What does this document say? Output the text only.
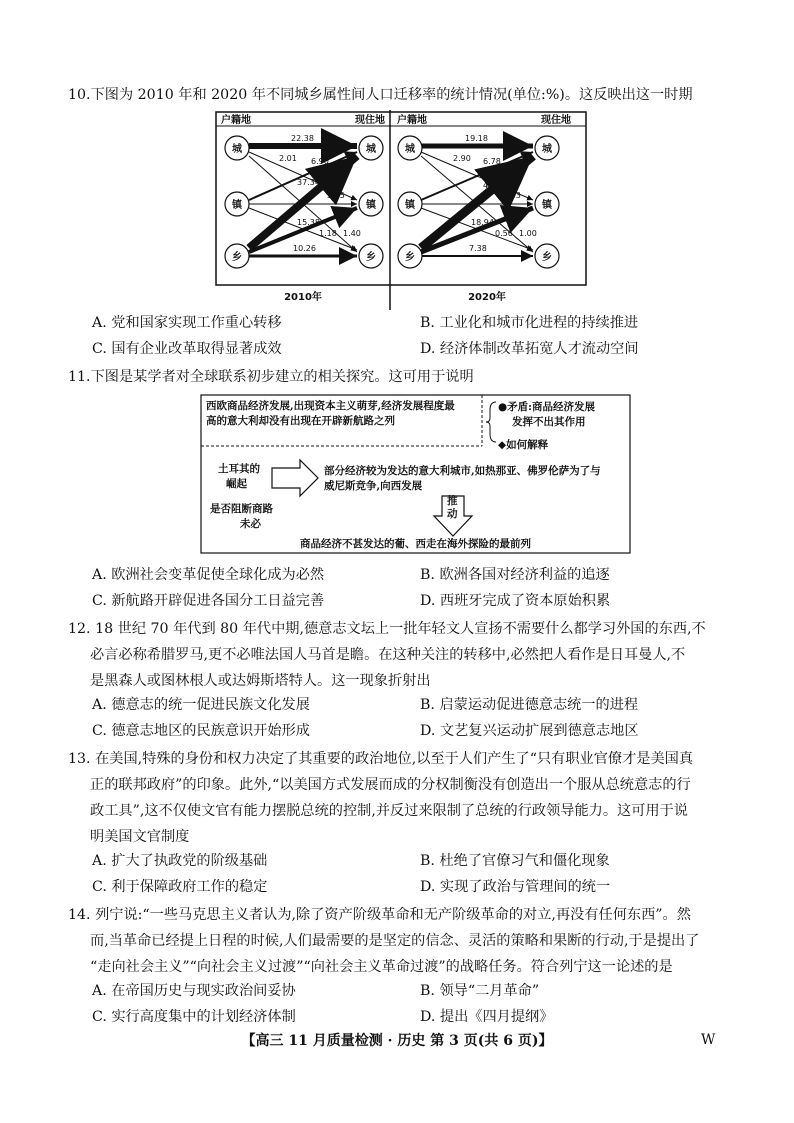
10.下图为 2010 年和 2020 年不同城乡属性间人口迁移率的统计情况(单位:%)。这反映出这一时期
户籍地	现住地 户籍地	现住地
城
镇
乡
城
镇
乡
城
镇
乡
城
镇
乡
22.38
2.01 6.90
37.34
3.15
15.38
1.18 1.40
10.26
19.18
2.90 6.78
40.63
2.63
18.94
0.56 1.00
7.38
2010年	2020年
A. 党和国家实现工作重心转移	B. 工业化和城市化进程的持续推进
C. 国有企业改革取得显著成效	D. 经济体制改革拓宽人才流动空间
11.下图是某学者对全球联系初步建立的相关探究。这可用于说明
西欧商品经济发展,出现资本主义萌芽,经济发展程度最
高的意大利却没有出现在开辟新航路之列
●矛盾:商品经济发展
发挥不出其作用
◆如何解释
土耳其的
崛起
部分经济较为发达的意大利城市,如热那亚、佛罗伦萨为了与
威尼斯竞争,向西发展
是否阻断商路
未必
推
动
商品经济不甚发达的葡、西走在海外探险的最前列
A. 欧洲社会变革促使全球化成为必然	B. 欧洲各国对经济利益的追逐
C. 新航路开辟促进各国分工日益完善	D. 西班牙完成了资本原始积累
12. 18 世纪 70 年代到 80 年代中期,德意志文坛上一批年轻文人宣扬不需要什么都学习外国的东西,不
必言必称希腊罗马,更不必唯法国人马首是瞻。在这种关注的转移中,必然把人看作是日耳曼人,不
是黑森人或图林根人或达姆斯塔特人。这一现象折射出
A. 德意志的统一促进民族文化发展	B. 启蒙运动促进德意志统一的进程
C. 德意志地区的民族意识开始形成	D. 文艺复兴运动扩展到德意志地区
13. 在美国,特殊的身份和权力决定了其重要的政治地位,以至于人们产生了“只有职业官僚才是美国真
正的联邦政府”的印象。此外,“以美国方式发展而成的分权制衡没有创造出一个服从总统意志的行
政工具”,这不仅使文官有能力摆脱总统的控制,并反过来限制了总统的行政领导能力。这可用于说
明美国文官制度
A. 扩大了执政党的阶级基础	B. 杜绝了官僚习气和僵化现象
C. 利于保障政府工作的稳定	D. 实现了政治与管理间的统一
14. 列宁说:“一些马克思主义者认为,除了资产阶级革命和无产阶级革命的对立,再没有任何东西”。然
而,当革命已经提上日程的时候,人们最需要的是坚定的信念、灵活的策略和果断的行动,于是提出了
“走向社会主义”“向社会主义过渡”“向社会主义革命过渡”的战略任务。符合列宁这一论述的是
A. 在帝国历史与现实政治间妥协	B. 领导“二月革命”
C. 实行高度集中的计划经济体制	D. 提出《四月提纲》
【高三 11 月质量检测 · 历史 第 3 页(共 6 页)】	W
